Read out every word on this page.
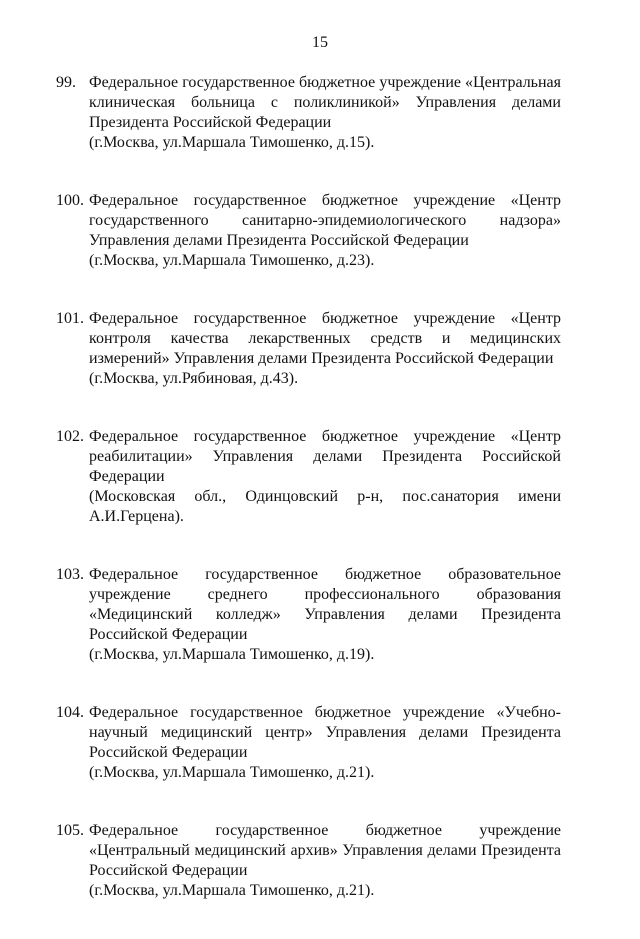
15
99. Федеральное государственное бюджетное учреждение «Центральная клиническая больница с поликлиникой» Управления делами Президента Российской Федерации
(г.Москва, ул.Маршала Тимошенко, д.15).
100. Федеральное государственное бюджетное учреждение «Центр государственного санитарно-эпидемиологического надзора» Управления делами Президента Российской Федерации
(г.Москва, ул.Маршала Тимошенко, д.23).
101. Федеральное государственное бюджетное учреждение «Центр контроля качества лекарственных средств и медицинских измерений» Управления делами Президента Российской Федерации
(г.Москва, ул.Рябиновая, д.43).
102. Федеральное государственное бюджетное учреждение «Центр реабилитации» Управления делами Президента Российской Федерации
(Московская обл., Одинцовский р-н, пос.санатория имени А.И.Герцена).
103. Федеральное государственное бюджетное образовательное учреждение среднего профессионального образования «Медицинский колледж» Управления делами Президента Российской Федерации
(г.Москва, ул.Маршала Тимошенко, д.19).
104. Федеральное государственное бюджетное учреждение «Учебно-научный медицинский центр» Управления делами Президента Российской Федерации
(г.Москва, ул.Маршала Тимошенко, д.21).
105. Федеральное государственное бюджетное учреждение «Центральный медицинский архив» Управления делами Президента Российской Федерации
(г.Москва, ул.Маршала Тимошенко, д.21).
